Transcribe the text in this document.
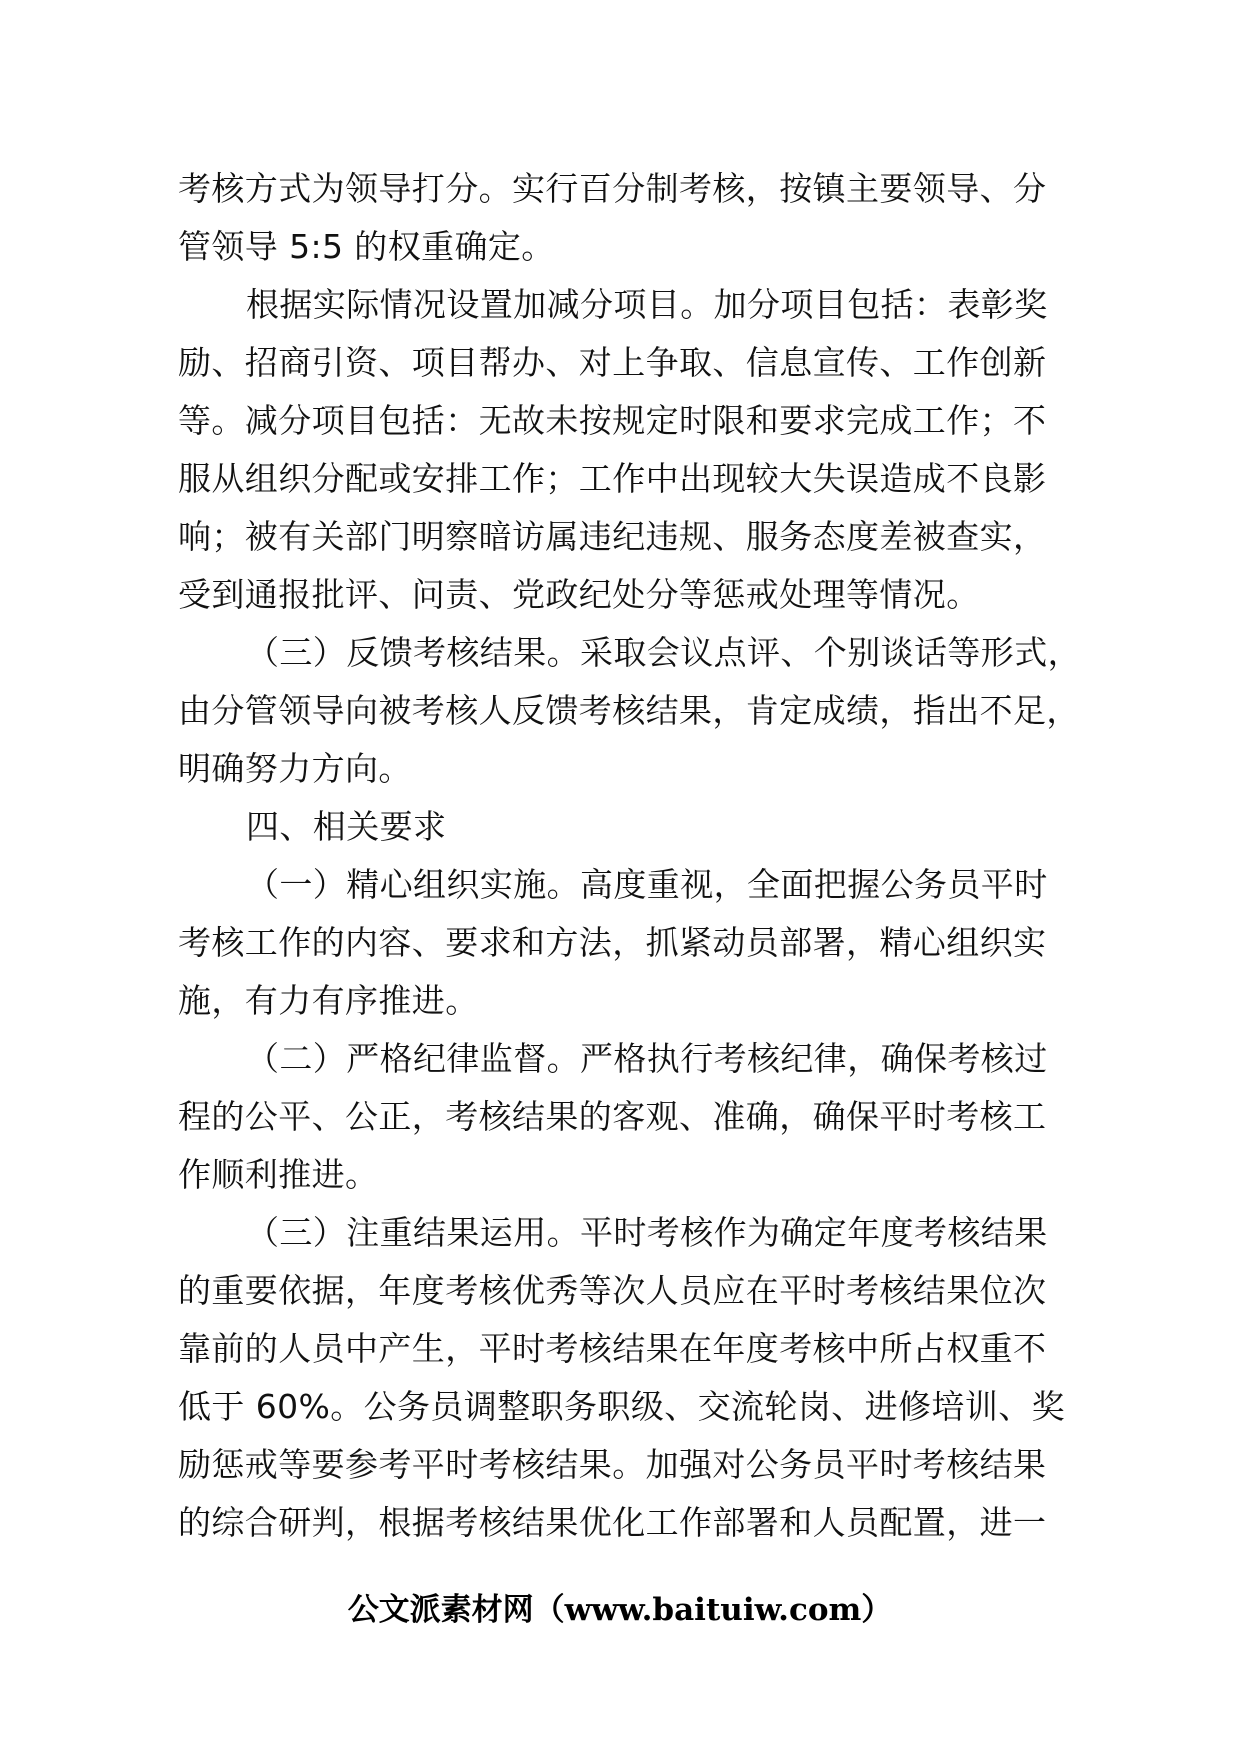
考核方式为领导打分。实行百分制考核，按镇主要领导、分
管领导 5:5 的权重确定。
根据实际情况设置加减分项目。加分项目包括：表彰奖
励、招商引资、项目帮办、对上争取、信息宣传、工作创新
等。减分项目包括：无故未按规定时限和要求完成工作；不
服从组织分配或安排工作；工作中出现较大失误造成不良影
响；被有关部门明察暗访属违纪违规、服务态度差被查实，
受到通报批评、问责、党政纪处分等惩戒处理等情况。
（三）反馈考核结果。采取会议点评、个别谈话等形式，
由分管领导向被考核人反馈考核结果，肯定成绩，指出不足，
明确努力方向。
四、相关要求
（一）精心组织实施。高度重视，全面把握公务员平时
考核工作的内容、要求和方法，抓紧动员部署，精心组织实
施，有力有序推进。
（二）严格纪律监督。严格执行考核纪律，确保考核过
程的公平、公正，考核结果的客观、准确，确保平时考核工
作顺利推进。
（三）注重结果运用。平时考核作为确定年度考核结果
的重要依据，年度考核优秀等次人员应在平时考核结果位次
靠前的人员中产生，平时考核结果在年度考核中所占权重不
低于 60%。公务员调整职务职级、交流轮岗、进修培训、奖
励惩戒等要参考平时考核结果。加强对公务员平时考核结果
的综合研判，根据考核结果优化工作部署和人员配置，进一
公文派素材网（www.baituiw.com）
